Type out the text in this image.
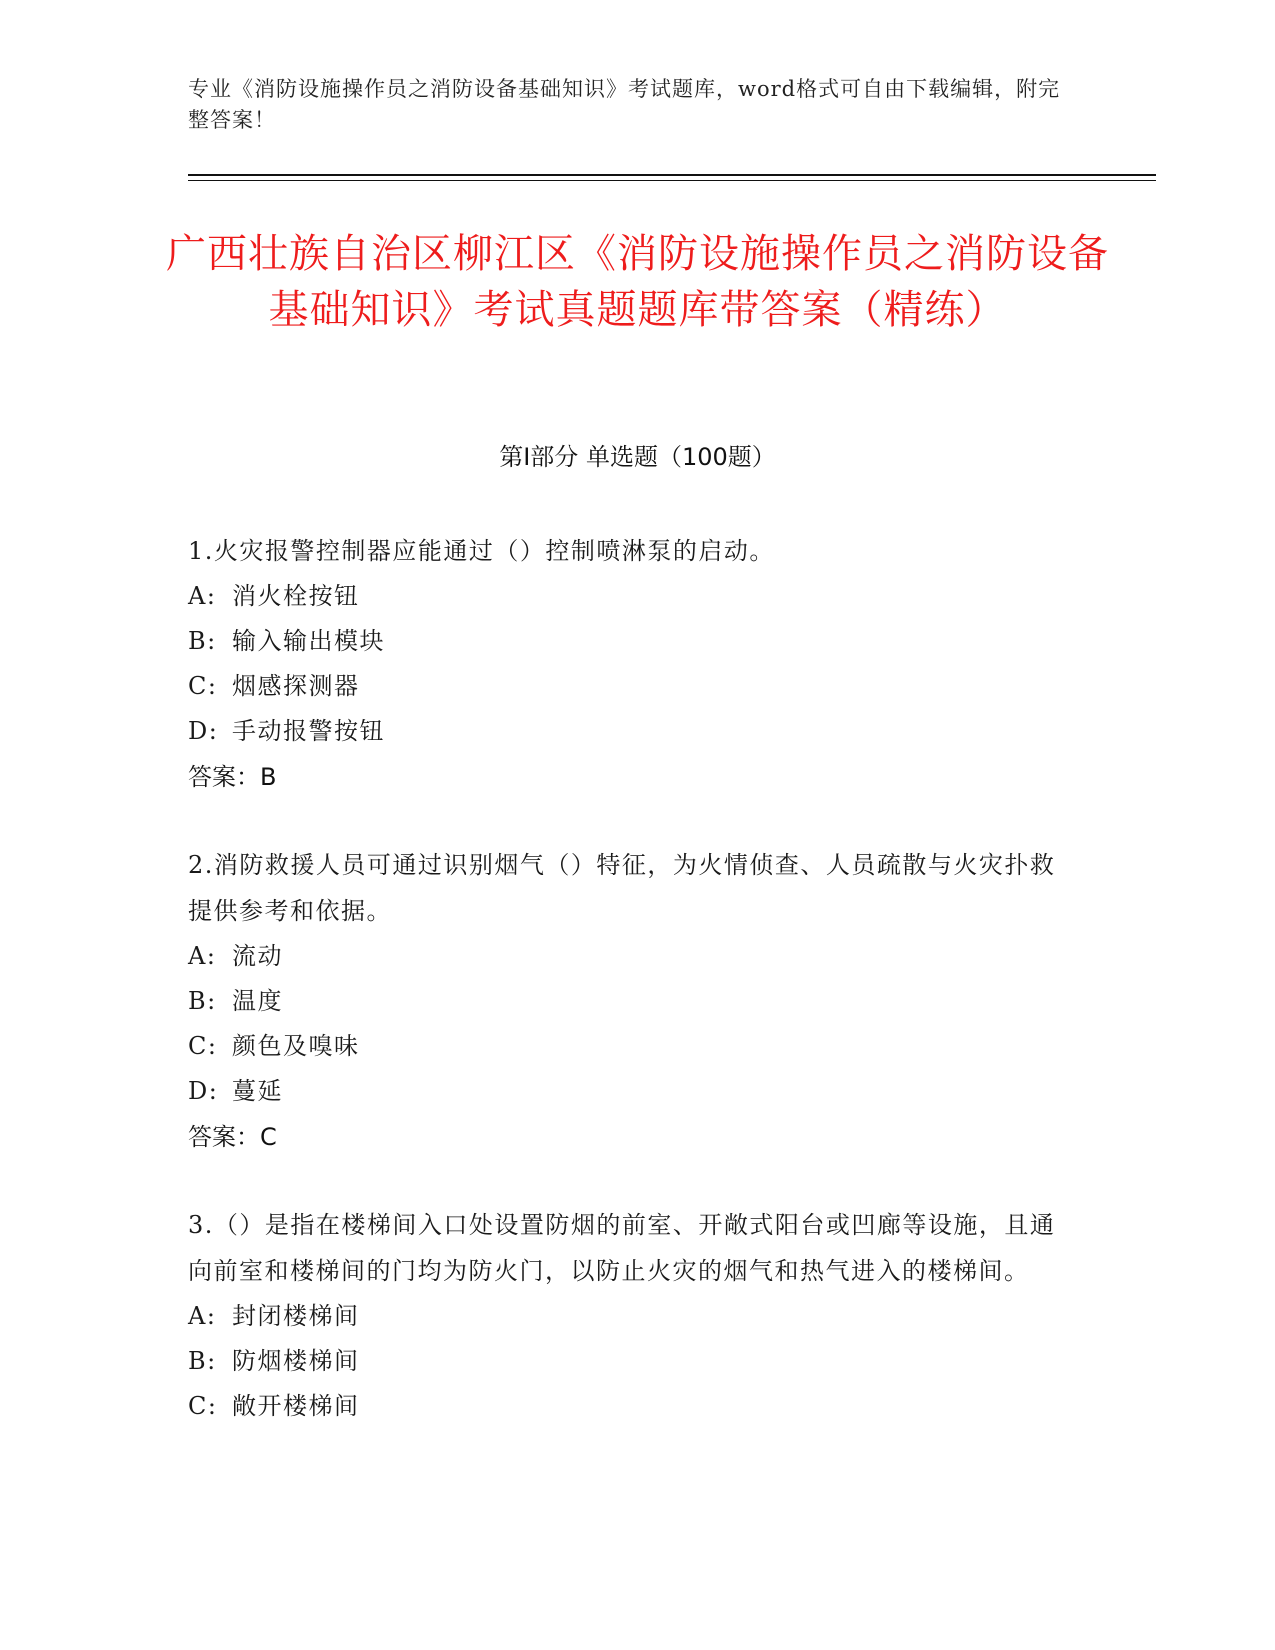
专业《消防设施操作员之消防设备基础知识》考试题库，word格式可自由下载编辑，附完整答案！
广西壮族自治区柳江区《消防设施操作员之消防设备基础知识》考试真题题库带答案（精练）
第Ⅰ部分 单选题（100题）
1.火灾报警控制器应能通过（）控制喷淋泵的启动。
A: 消火栓按钮
B: 输入输出模块
C: 烟感探测器
D: 手动报警按钮
答案：B
2.消防救援人员可通过识别烟气（）特征，为火情侦查、人员疏散与火灾扑救提供参考和依据。
A: 流动
B: 温度
C: 颜色及嗅味
D: 蔓延
答案：C
3.（）是指在楼梯间入口处设置防烟的前室、开敞式阳台或凹廊等设施，且通向前室和楼梯间的门均为防火门，以防止火灾的烟气和热气进入的楼梯间。
A: 封闭楼梯间
B: 防烟楼梯间
C: 敞开楼梯间
